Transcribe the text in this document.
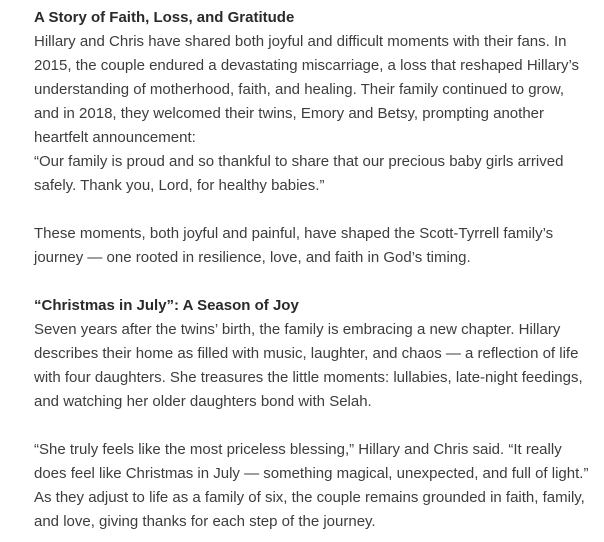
A Story of Faith, Loss, and Gratitude

Hillary and Chris have shared both joyful and difficult moments with their fans. In 2015, the couple endured a devastating miscarriage, a loss that reshaped Hillary’s understanding of motherhood, faith, and healing. Their family continued to grow, and in 2018, they welcomed their twins, Emory and Betsy, prompting another heartfelt announcement:

“Our family is proud and so thankful to share that our precious baby girls arrived safely. Thank you, Lord, for healthy babies.”

These moments, both joyful and painful, have shaped the Scott-Tyrrell family’s journey — one rooted in resilience, love, and faith in God’s timing.

“Christmas in July”: A Season of Joy

Seven years after the twins’ birth, the family is embracing a new chapter. Hillary describes their home as filled with music, laughter, and chaos — a reflection of life with four daughters. She treasures the little moments: lullabies, late-night feedings, and watching her older daughters bond with Selah.

“She truly feels like the most priceless blessing,” Hillary and Chris said. “It really does feel like Christmas in July — something magical, unexpected, and full of light.” As they adjust to life as a family of six, the couple remains grounded in faith, family, and love, giving thanks for each step of the journey.
